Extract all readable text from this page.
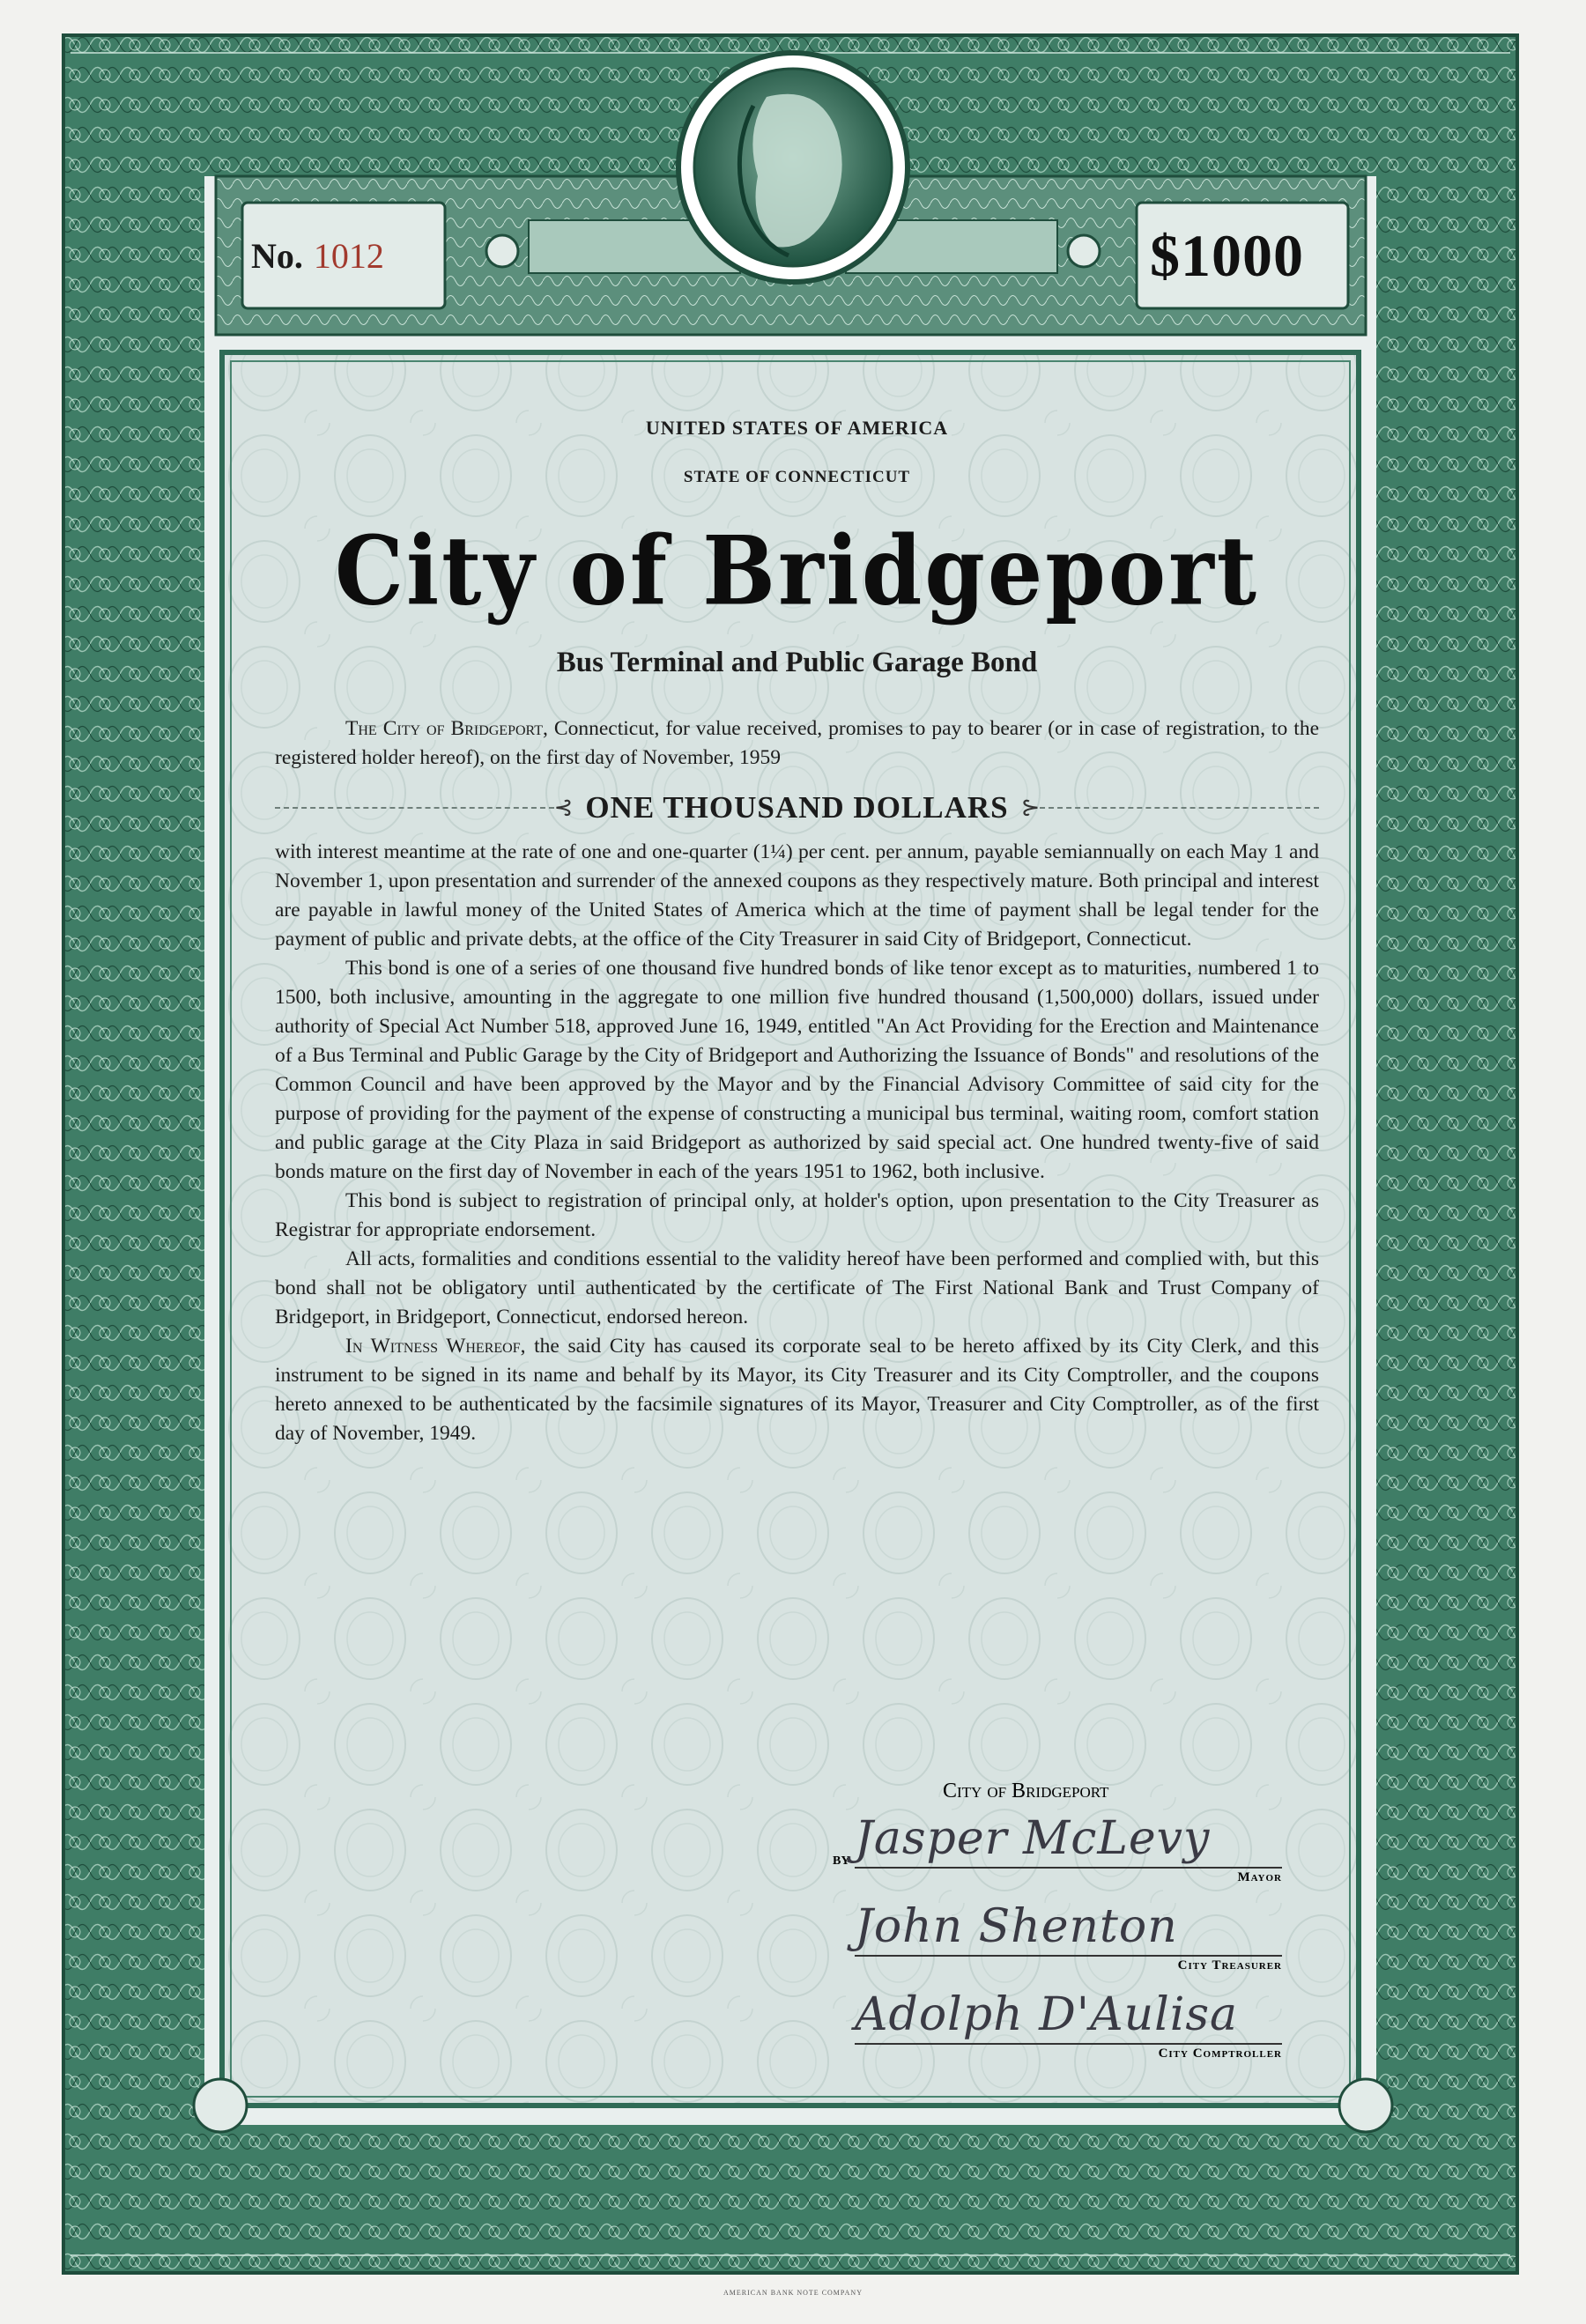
No. 1012	$1000
UNITED STATES OF AMERICA
STATE OF CONNECTICUT
City of Bridgeport
Bus Terminal and Public Garage Bond

The City of Bridgeport, Connecticut, for value received, promises to pay to bearer (or in case of registration, to the registered holder hereof), on the first day of November, 1959

⊰ ONE THOUSAND DOLLARS ⊱

with interest meantime at the rate of one and one-quarter (1¼) per cent. per annum, payable semiannually on each May 1 and November 1, upon presentation and surrender of the annexed coupons as they respectively mature. Both principal and interest are payable in lawful money of the United States of America which at the time of payment shall be legal tender for the payment of public and private debts, at the office of the City Treasurer in said City of Bridgeport, Connecticut.

This bond is one of a series of one thousand five hundred bonds of like tenor except as to maturities, numbered 1 to 1500, both inclusive, amounting in the aggregate to one million five hundred thousand (1,500,000) dollars, issued under authority of Special Act Number 518, approved June 16, 1949, entitled "An Act Providing for the Erection and Maintenance of a Bus Terminal and Public Garage by the City of Bridgeport and Authorizing the Issuance of Bonds" and resolutions of the Common Council and have been approved by the Mayor and by the Financial Advisory Committee of said city for the purpose of providing for the payment of the expense of constructing a municipal bus terminal, waiting room, comfort station and public garage at the City Plaza in said Bridgeport as authorized by said special act. One hundred twenty-five of said bonds mature on the first day of November in each of the years 1951 to 1962, both inclusive.

This bond is subject to registration of principal only, at holder's option, upon presentation to the City Treasurer as Registrar for appropriate endorsement.

All acts, formalities and conditions essential to the validity hereof have been performed and complied with, but this bond shall not be obligatory until authenticated by the certificate of The First National Bank and Trust Company of Bridgeport, in Bridgeport, Connecticut, endorsed hereon.

In Witness Whereof, the said City has caused its corporate seal to be hereto affixed by its City Clerk, and this instrument to be signed in its name and behalf by its Mayor, its City Treasurer and its City Comptroller, and the coupons hereto annexed to be authenticated by the facsimile signatures of its Mayor, Treasurer and City Comptroller, as of the first day of November, 1949.

City of Bridgeport
BY Jasper McLevy
Mayor
John Shenton
City Treasurer
Adolph D'Aulisa
City Comptroller
AMERICAN BANK NOTE COMPANY
